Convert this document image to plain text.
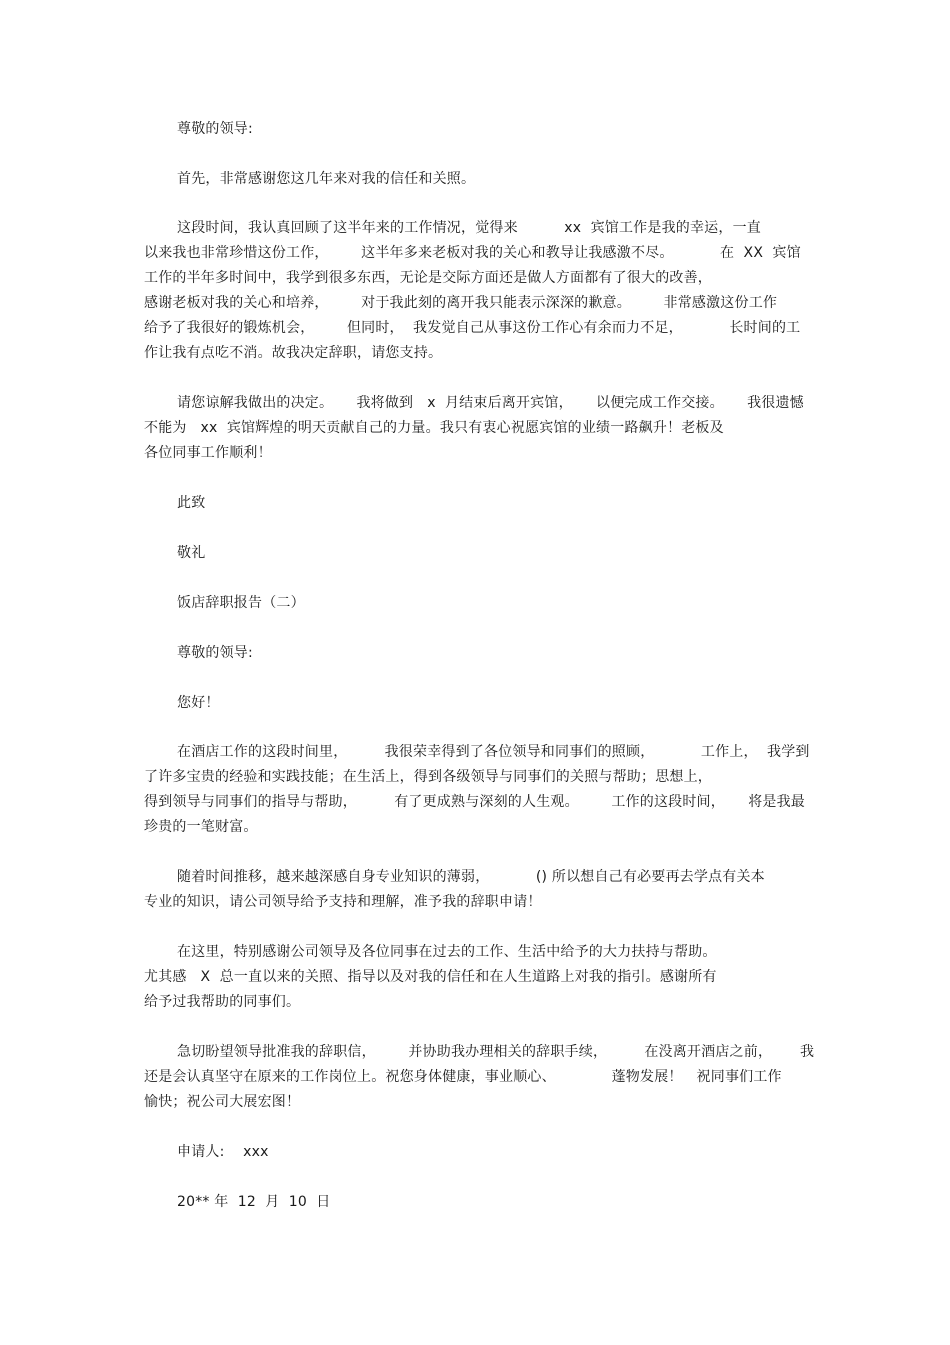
尊敬的领导:
首先，非常感谢您这几年来对我的信任和关照。
这段时间，我认真回顾了这半年来的工作情况，觉得来          xx  宾馆工作是我的幸运，一直
以来我也非常珍惜这份工作，       这半年多来老板对我的关心和教导让我感激不尽。          在  XX  宾馆
工作的半年多时间中，我学到很多东西，无论是交际方面还是做人方面都有了很大的改善，
感谢老板对我的关心和培养，       对于我此刻的离开我只能表示深深的歉意。       非常感激这份工作
给予了我很好的锻炼机会，       但同时，  我发觉自己从事这份工作心有余而力不足，          长时间的工
作让我有点吃不消。故我决定辞职，请您支持。
请您谅解我做出的决定。     我将做到   x  月结束后离开宾馆，     以便完成工作交接。     我很遗憾
不能为   xx  宾馆辉煌的明天贡献自己的力量。我只有衷心祝愿宾馆的业绩一路飙升！老板及
各位同事工作顺利！
此致
敬礼
饭店辞职报告（二）
尊敬的领导:
您好！
在酒店工作的这段时间里，        我很荣幸得到了各位领导和同事们的照顾，          工作上，  我学到
了许多宝贵的经验和实践技能；在生活上，得到各级领导与同事们的关照与帮助；思想上，
得到领导与同事们的指导与帮助，        有了更成熟与深刻的人生观。       工作的这段时间，     将是我最
珍贵的一笔财富。
随着时间推移，越来越深感自身专业知识的薄弱，          () 所以想自己有必要再去学点有关本
专业的知识，请公司领导给予支持和理解，准予我的辞职申请！
在这里，特别感谢公司领导及各位同事在过去的工作、生活中给予的大力扶持与帮助。
尤其感   X  总一直以来的关照、指导以及对我的信任和在人生道路上对我的指引。感谢所有
给予过我帮助的同事们。
急切盼望领导批准我的辞职信，       并协助我办理相关的辞职手续，        在没离开酒店之前，      我
还是会认真坚守在原来的工作岗位上。祝您身体健康，事业顺心、            蓬物发展！   祝同事们工作
愉快；祝公司大展宏图！
申请人:    xxx
20** 年  12  月  10  日
